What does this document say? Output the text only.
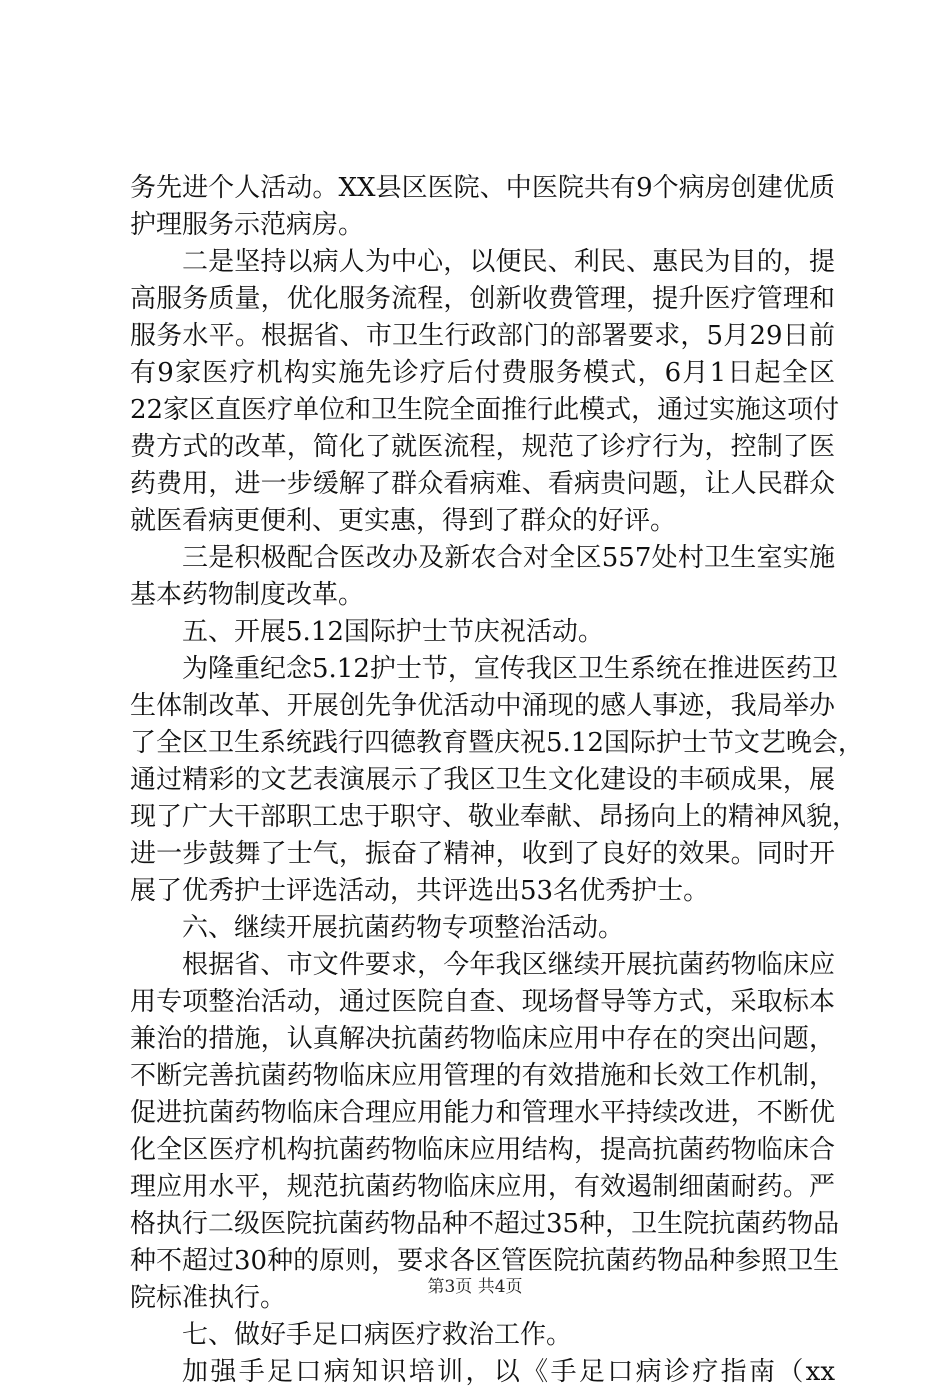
务先进个人活动。XX县区医院、中医院共有9个病房创建优质
护理服务示范病房。
二是坚持以病人为中心，以便民、利民、惠民为目的，提
高服务质量，优化服务流程，创新收费管理，提升医疗管理和
服务水平。根据省、市卫生行政部门的部署要求，5月29日前
有9家医疗机构实施先诊疗后付费服务模式，6月1日起全区
22家区直医疗单位和卫生院全面推行此模式，通过实施这项付
费方式的改革，简化了就医流程，规范了诊疗行为，控制了医
药费用，进一步缓解了群众看病难、看病贵问题，让人民群众
就医看病更便利、更实惠，得到了群众的好评。
三是积极配合医改办及新农合对全区557处村卫生室实施
基本药物制度改革。
五、开展5.12国际护士节庆祝活动。
为隆重纪念5.12护士节，宣传我区卫生系统在推进医药卫
生体制改革、开展创先争优活动中涌现的感人事迹，我局举办
了全区卫生系统践行四德教育暨庆祝5.12国际护士节文艺晚会，
通过精彩的文艺表演展示了我区卫生文化建设的丰硕成果，展
现了广大干部职工忠于职守、敬业奉献、昂扬向上的精神风貌，
进一步鼓舞了士气，振奋了精神，收到了良好的效果。同时开
展了优秀护士评选活动，共评选出53名优秀护士。
六、继续开展抗菌药物专项整治活动。
根据省、市文件要求，今年我区继续开展抗菌药物临床应
用专项整治活动，通过医院自查、现场督导等方式，采取标本
兼治的措施，认真解决抗菌药物临床应用中存在的突出问题，
不断完善抗菌药物临床应用管理的有效措施和长效工作机制，
促进抗菌药物临床合理应用能力和管理水平持续改进，不断优
化全区医疗机构抗菌药物临床应用结构，提高抗菌药物临床合
理应用水平，规范抗菌药物临床应用，有效遏制细菌耐药。严
格执行二级医院抗菌药物品种不超过35种，卫生院抗菌药物品
种不超过30种的原则，要求各区管医院抗菌药物品种参照卫生
院标准执行。
七、做好手足口病医疗救治工作。
加强手足口病知识培训，以《手足口病诊疗指南（xx
第3页 共4页
